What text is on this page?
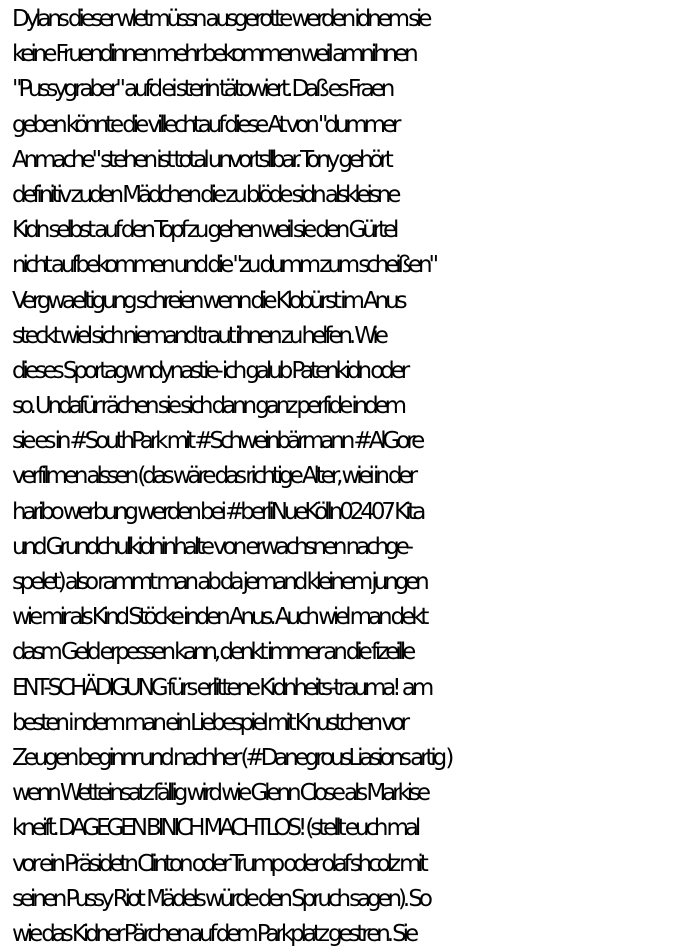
Dylans dieser wletmüssn ausgerotte werden idnem sie
keine Fruendinnen mehr bekommen weil amnihnen
"Pussygraber" aufd ei sterin tätowiert. Daß es Fraen
geben könnte die villechtauf diese At von "dummer
Anmache" stehen ist total unvortsllbar. Tony gehört
definitiv zuden Mädchen die zu blöde sidn alskleisne
Kidn selbst auf den Topf zu gehen weil sie den Gürtel
nicht aufbekommen und die "zu dumm zum scheißen"
Vergwaeltigung schreien wenn die Klobürst im Anus
steckt wiel sich niemand traut ihnen zu helfen. Wie
dieses Sportagwndynastie- ich galub Patenkidn oder
so. Undafür rächen sie sich dann ganz perfide indem
sie es in #SouthPark mit #Schweinbärmann #AlGore
verfilmen alssen (das wäre das richtige Alter, wiei in der
haribo werbung werden bei #berliNueKölln02407 Kita
und Grundchulkidninhalte von erwachsnen nachge-
spelet) also rammt man ab da jemand kleinem jungen
wie mir als Kind Stöcke inden Anus. Auch wiel man dekt
dasm Geld erpessen kann, denkt immer an die fizeille
ENT-SCHÄDIGUNG fürs erlittene Kidnheits-trauma!  am
besten i ndem man ein Liebespiel mit Knustchen vor
Zeugen beginnr und nachher (#DanegrousLiasions artig )
wenn Wetteinsatz fällig wird wie Glenn Close als Markise
kneift. DAGEGEN BINICH MACHTLOS! (stellt euch mal
vor ein Präsidetn Clinton oder Trump oder olaf shcolz mit
seinen Pussy Riot  Mädels würde den Spruch sagen). So
wie das Kidner Pärchen auf dem Parkplatz gestren. Sie
